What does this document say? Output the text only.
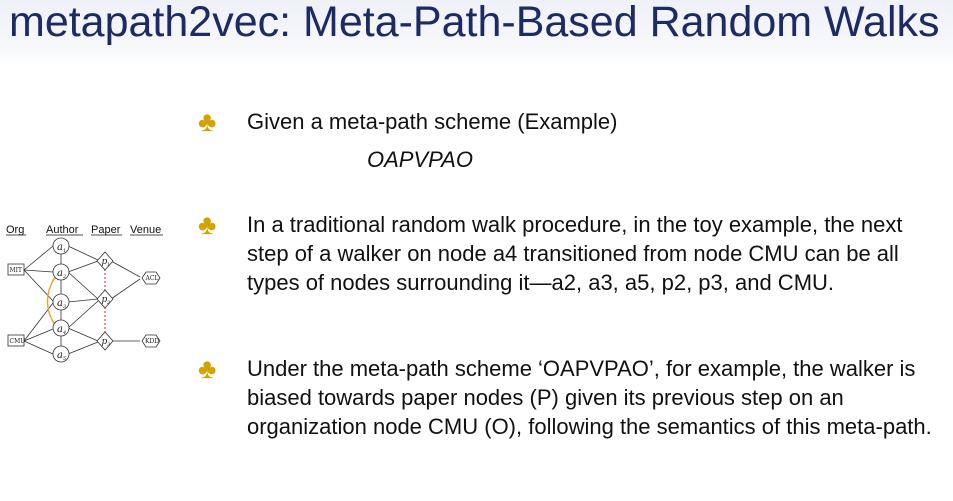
metapath2vec: Meta-Path-Based Random Walks
♣	Given a meta-path scheme (Example)
OAPVPAO
♣	In a traditional random walk procedure, in the toy example, the next step of a walker on node a4 transitioned from node CMU can be all types of nodes surrounding it—a2, a3, a5, p2, p3, and CMU.
♣	Under the meta-path scheme ‘OAPVPAO’, for example, the walker is biased towards paper nodes (P) given its previous step on an organization node CMU (O), following the semantics of this meta-path.
Org Author Paper Venue
MIT
CMU
a 1
a 2
a 3
a 4
a 5
p 1
p 2
p 3
ACL
KDD
